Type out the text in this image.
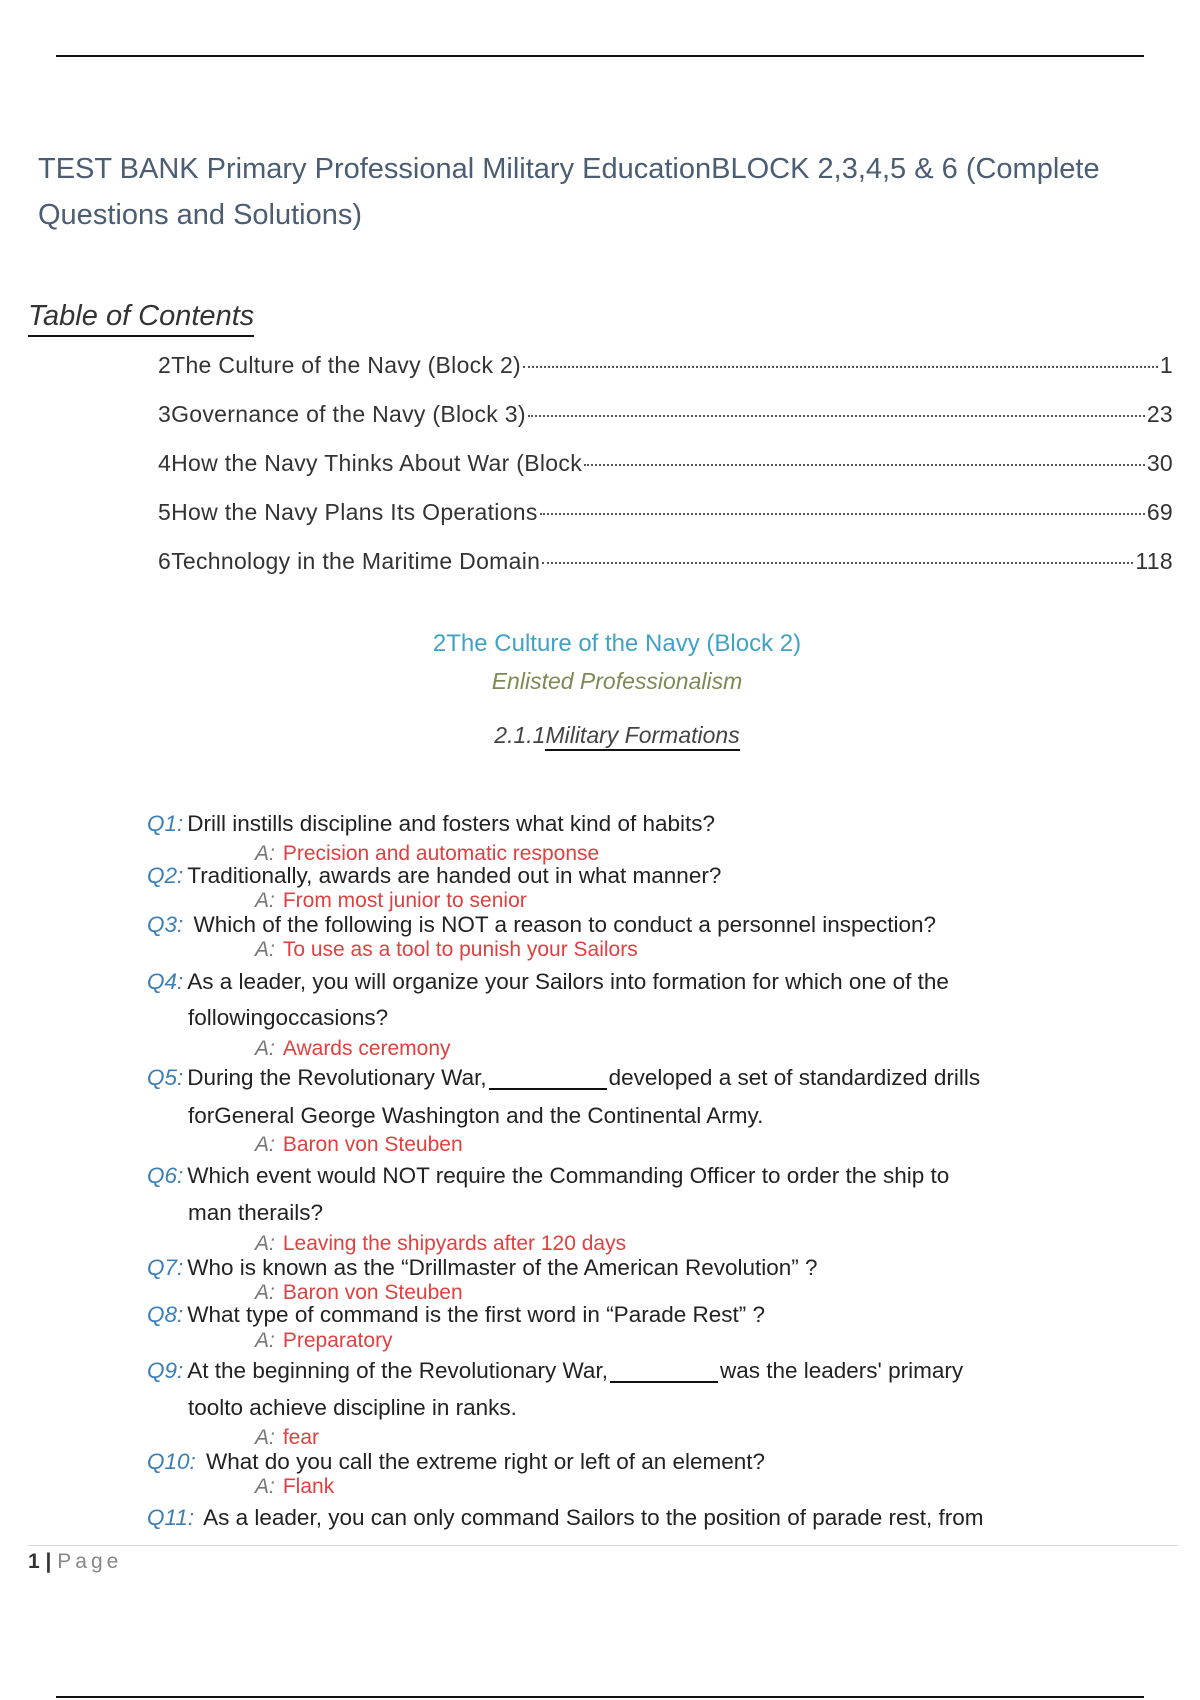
TEST BANK Primary Professional Military EducationBLOCK 2,3,4,5 & 6 (Complete Questions and Solutions)
Table of Contents
2The Culture of the Navy (Block 2)	1
3Governance of the Navy (Block 3)	23
4How the Navy Thinks About War (Block	30
5How the Navy Plans Its Operations	69
6Technology in the Maritime Domain	118
2The Culture of the Navy (Block 2)
Enlisted Professionalism
2.1.1Military Formations
Q1: Drill instills discipline and fosters what kind of habits?
A: Precision and automatic response
Q2: Traditionally, awards are handed out in what manner?
A: From most junior to senior
Q3: Which of the following is NOT a reason to conduct a personnel inspection?
A: To use as a tool to punish your Sailors
Q4: As a leader, you will organize your Sailors into formation for which one of the
followingoccasions?
A: Awards ceremony
Q5: During the Revolutionary War,	developed a set of standardized drills
forGeneral George Washington and the Continental Army.
A: Baron von Steuben
Q6: Which event would NOT require the Commanding Officer to order the ship to
man therails?
A: Leaving the shipyards after 120 days
Q7: Who is known as the “Drillmaster of the American Revolution” ?
A: Baron von Steuben
Q8: What type of command is the first word in “Parade Rest” ?
A: Preparatory
Q9: At the beginning of the Revolutionary War,	was the leaders' primary
toolto achieve discipline in ranks.
A: fear
Q10: What do you call the extreme right or left of an element?
A: Flank
Q11: As a leader, you can only command Sailors to the position of parade rest, from
1 | Page
